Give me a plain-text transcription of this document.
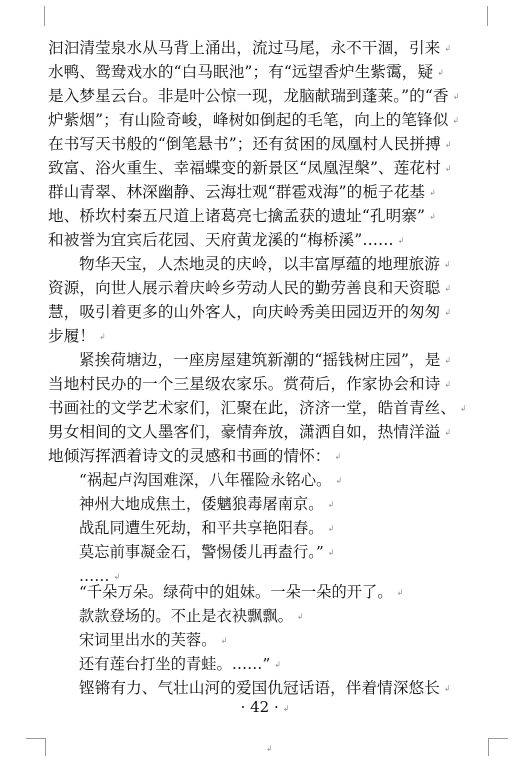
汩汩清莹泉水从马背上涌出，流过马尾，永不干涸，引来 ↲
水鸭、鸳鸯戏水的“白马眠池”；有“远望香炉生紫霭，疑 ↲
是入梦星云台。非是叶公惊一现，龙脑献瑞到蓬莱。”的“香 ↲
炉紫烟”；有山险奇峻，峰树如倒起的毛笔，向上的笔锋似 ↲
在书写天书般的“倒笔悬书”；还有贫困的凤凰村人民拼搏 ↲
致富、浴火重生、幸福蝶变的新景区“凤凰涅槃”、莲花村 ↲
群山青翠、林深幽静、云海壮观“群雹戏海”的栀子花基 ↲
地、桥坎村秦五尺道上诸葛亮七擒孟获的遗址“孔明寨” ↲
和被誉为宜宾后花园、天府黄龙溪的“梅桥溪”…… ↲
物华天宝，人杰地灵的庆岭，以丰富厚蕴的地理旅游 ↲
资源，向世人展示着庆岭乡劳动人民的勤劳善良和天资聪 ↲
慧，吸引着更多的山外客人，向庆岭秀美田园迈开的匆匆 ↲
步履！ ↲
紧挨荷塘边，一座房屋建筑新潮的“摇钱树庄园”，是 ↲
当地村民办的一个三星级农家乐。赏荷后，作家协会和诗 ↲
书画社的文学艺术家们，汇聚在此，济济一堂，皓首青丝、 ↲
男女相间的文人墨客们，豪情奔放，潇洒自如，热情洋溢 ↲
地倾泻挥洒着诗文的灵感和书画的情怀： ↲
“祸起卢沟国难深，八年罹险永铭心。 ↲
神州大地成焦土，倭魑狼毒屠南京。 ↲
战乱同遭生死劫，和平共享艳阳春。 ↲
莫忘前事凝金石，警惕倭儿再盍行。” ↲
…… ↲
“千朵万朵。绿荷中的姐妹。一朵一朵的开了。 ↲
款款登场的。不止是衣袂飘飘。 ↲
宋词里出水的芙蓉。 ↲
还有莲台打坐的青蛙。……” ↲
铿锵有力、气壮山河的爱国仇冠话语，伴着情深悠长 ↲
· 42 · ↲
↲
